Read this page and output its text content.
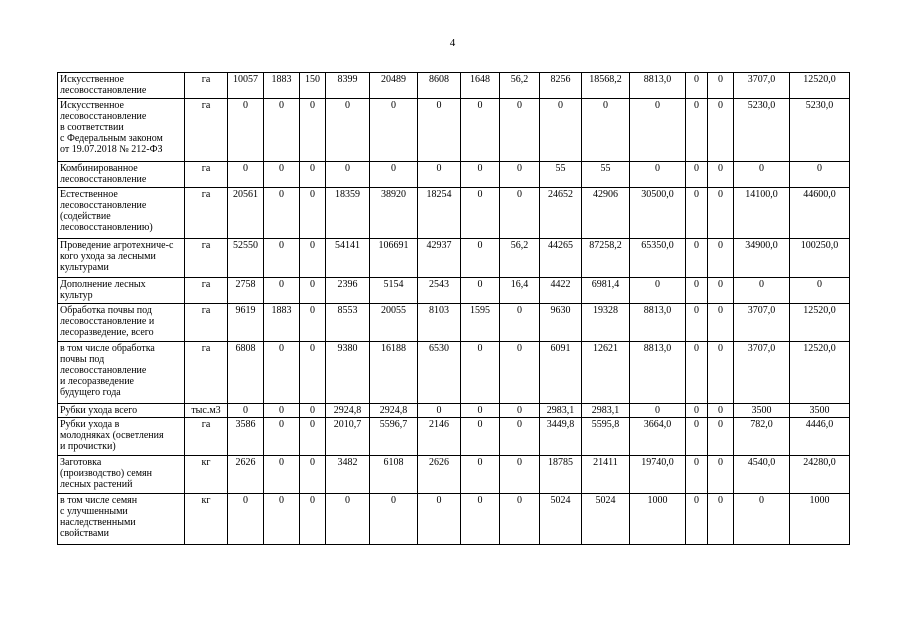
4
Искусственное
лесовосстановление	га	10057	1883	150	8399	20489	8608	1648	56,2	8256	18568,2	8813,0	0	0	3707,0	12520,0
Искусственное
лесовосстановление
в соответствии
с Федеральным законом
от 19.07.2018 № 212-ФЗ	га	0	0	0	0	0	0	0	0	0	0	0	0	0	5230,0	5230,0
Комбинированное
лесовосстановление	га	0	0	0	0	0	0	0	0	55	55	0	0	0	0	0
Естественное
лесовосстановление
(содействие
лесовосстановлению)	га	20561	0	0	18359	38920	18254	0	0	24652	42906	30500,0	0	0	14100,0	44600,0
Проведение агротехниче-с
кого ухода за лесными
культурами	га	52550	0	0	54141	106691	42937	0	56,2	44265	87258,2	65350,0	0	0	34900,0	100250,0
Дополнение лесных
культур	га	2758	0	0	2396	5154	2543	0	16,4	4422	6981,4	0	0	0	0	0
Обработка почвы под
лесовосстановление и
лесоразведение, всего	га	9619	1883	0	8553	20055	8103	1595	0	9630	19328	8813,0	0	0	3707,0	12520,0
в том числе обработка
почвы под
лесовосстановление
и лесоразведение
будущего года	га	6808	0	0	9380	16188	6530	0	0	6091	12621	8813,0	0	0	3707,0	12520,0
Рубки ухода всего	тыс.м3	0	0	0	2924,8	2924,8	0	0	0	2983,1	2983,1	0	0	0	3500	3500
Рубки ухода в
молодняках (осветления
и прочистки)	га	3586	0	0	2010,7	5596,7	2146	0	0	3449,8	5595,8	3664,0	0	0	782,0	4446,0
Заготовка
(производство) семян
лесных растений	кг	2626	0	0	3482	6108	2626	0	0	18785	21411	19740,0	0	0	4540,0	24280,0
в том числе семян
с улучшенными
наследственными
свойствами	кг	0	0	0	0	0	0	0	0	5024	5024	1000	0	0	0	1000
